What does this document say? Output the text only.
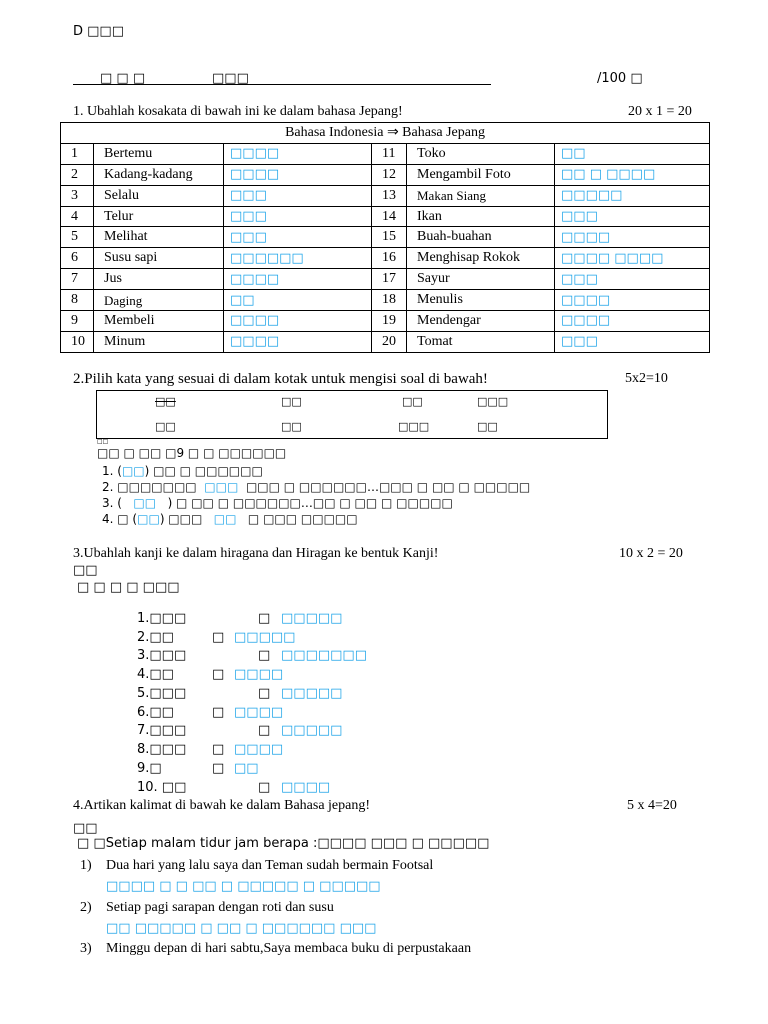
D □□□
□ □ □	□□□	/100 □
1. Ubahlah kosakata di bawah ini ke dalam bahasa Jepang!	20 x 1 = 20
Bahasa Indonesia ⇒ Bahasa Jepang					
1	Bertemu	□□□□	11	Toko	□□
2	Kadang-kadang	□□□□	12	Mengambil Foto	□□ □ □□□□
3	Selalu	□□□	13	Makan Siang	□□□□□
4	Telur	□□□	14	Ikan	□□□
5	Melihat	□□□	15	Buah-buahan	□□□□
6	Susu sapi	□□□□□□	16	Menghisap Rokok	□□□□ □□□□
7	Jus	□□□□	17	Sayur	□□□
8	Daging	□□	18	Menulis	□□□□
9	Membeli	□□□□	19	Mendengar	□□□□
10	Minum	□□□□	20	Tomat	□□□
2.Pilih kata yang sesuai di dalam kotak untuk mengisi soal di bawah!	5x2=10
□□	□□	□□	□□□
□□	□□	□□□	□□
□□
□□ □ □□ □9 □ □ □□□□□□
1. (□□) □□ □ □□□□□□
2. □□□□□□□ □□□ □□□ □ □□□□□□…□□□ □ □□ □ □□□□□
3. ( □□ ) □ □□ □ □□□□□□…□□ □ □□ □ □□□□□
4. □ (□□) □□□ □□ □ □□□ □□□□□
3.Ubahlah kanji ke dalam hiragana dan Hiragan ke bentuk Kanji!	10 x 2 = 20
□□
□ □ □ □ □□□
1.□□□	□ □□□□□
2.□□	□ □□□□□
3.□□□	□ □□□□□□□
4.□□	□ □□□□
5.□□□	□ □□□□□
6.□□	□ □□□□
7.□□□	□ □□□□□
8.□□□ □ □□□□
9.□	□ □□
10. □□	□ □□□□
4.Artikan kalimat di bawah ke dalam Bahasa jepang!	5 x 4=20
□□
□ □Setiap malam tidur jam berapa :□□□□ □□□ □ □□□□□
1) Dua hari yang lalu saya dan Teman sudah bermain Footsal
□□□□ □ □ □□ □ □□□□□ □ □□□□□
2) Setiap pagi sarapan dengan roti dan susu
□□ □□□□□ □ □□ □ □□□□□□ □□□
3) Minggu depan di hari sabtu,Saya membaca buku di perpustakaan
